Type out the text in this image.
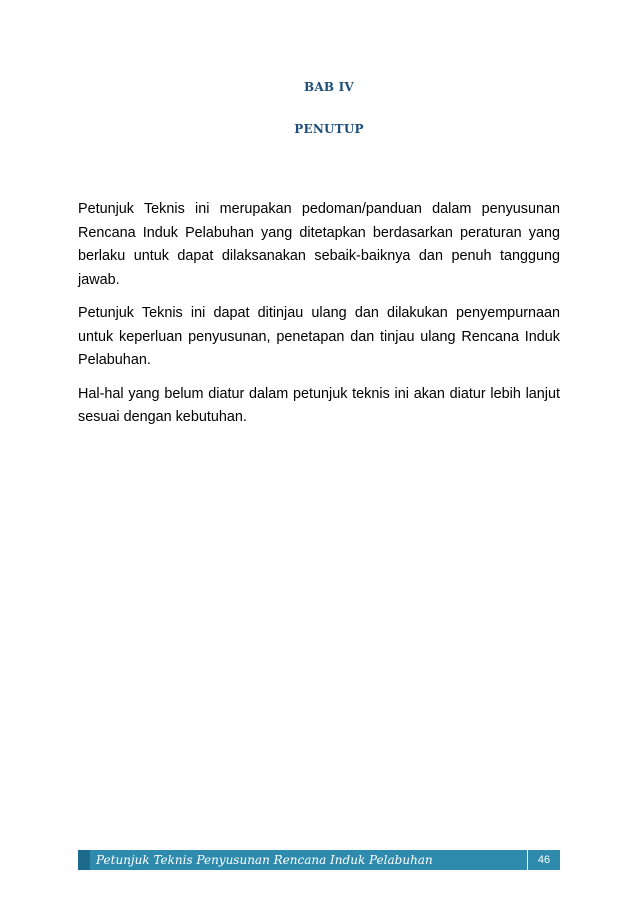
BAB IV
PENUTUP

Petunjuk Teknis ini merupakan pedoman/panduan dalam penyusunan Rencana Induk Pelabuhan yang ditetapkan berdasarkan peraturan yang berlaku untuk dapat dilaksanakan sebaik-baiknya dan penuh tanggung jawab.

Petunjuk Teknis ini dapat ditinjau ulang dan dilakukan penyempurnaan untuk keperluan penyusunan, penetapan dan tinjau ulang Rencana Induk Pelabuhan.

Hal-hal yang belum diatur dalam petunjuk teknis ini akan diatur lebih lanjut sesuai dengan kebutuhan.

Petunjuk Teknis Penyusunan Rencana Induk Pelabuhan	46
